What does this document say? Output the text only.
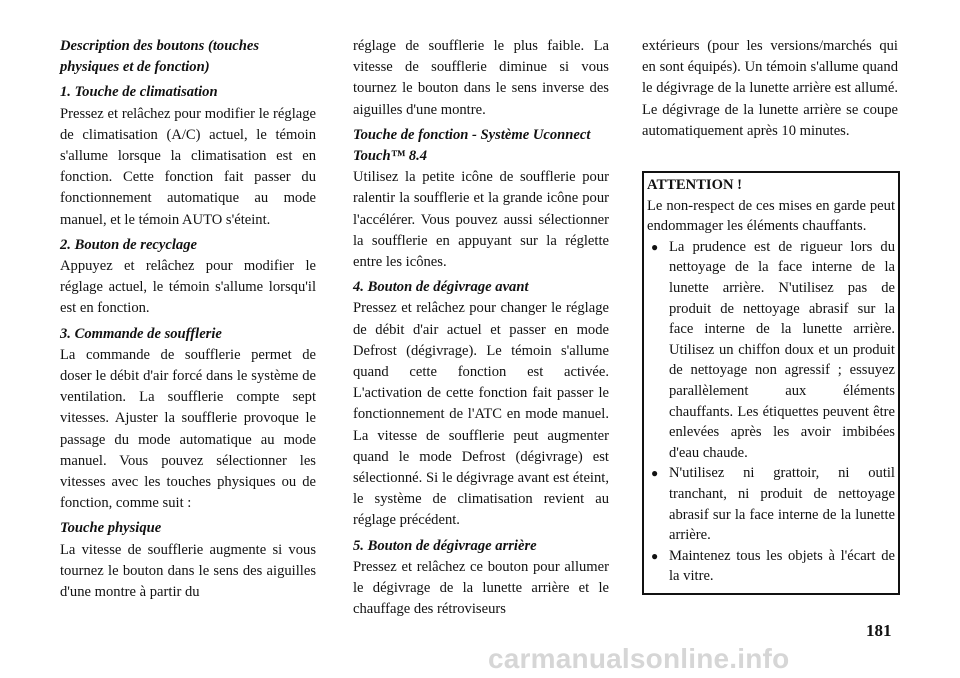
Description des boutons (touches physiques et de fonction)
1. Touche de climatisation

Pressez et relâchez pour modifier le réglage de climatisation (A/C) actuel, le témoin s'allume lorsque la climatisation est en fonction. Cette fonction fait passer du fonctionnement automatique au mode manuel, et le témoin AUTO s'éteint.

2. Bouton de recyclage

Appuyez et relâchez pour modifier le réglage actuel, le témoin s'allume lorsqu'il est en fonction.

3. Commande de soufflerie

La commande de soufflerie permet de doser le débit d'air forcé dans le système de ventilation. La soufflerie compte sept vitesses. Ajuster la soufflerie provoque le passage du mode automatique au mode manuel. Vous pouvez sélectionner les vitesses avec les touches physiques ou de fonction, comme suit :

Touche physique

La vitesse de soufflerie augmente si vous tournez le bouton dans le sens des aiguilles d'une montre à partir du

réglage de soufflerie le plus faible. La vitesse de soufflerie diminue si vous tournez le bouton dans le sens inverse des aiguilles d'une montre.

Touche de fonction - Système Uconnect Touch™ 8.4

Utilisez la petite icône de soufflerie pour ralentir la soufflerie et la grande icône pour l'accélérer. Vous pouvez aussi sélectionner la soufflerie en appuyant sur la réglette entre les icônes.

4. Bouton de dégivrage avant

Pressez et relâchez pour changer le réglage de débit d'air actuel et passer en mode Defrost (dégivrage). Le témoin s'allume quand cette fonction est activée. L'activation de cette fonction fait passer le fonctionnement de l'ATC en mode manuel. La vitesse de soufflerie peut augmenter quand le mode Defrost (dégivrage) est sélectionné. Si le dégivrage avant est éteint, le système de climatisation revient au réglage précédent.

5. Bouton de dégivrage arrière

Pressez et relâchez ce bouton pour allumer le dégivrage de la lunette arrière et le chauffage des rétroviseurs

extérieurs (pour les versions/marchés qui en sont équipés). Un témoin s'allume quand le dégivrage de la lunette arrière est allumé. Le dégivrage de la lunette arrière se coupe automatiquement après 10 minutes.

ATTENTION !

Le non-respect de ces mises en garde peut endommager les éléments chauffants.

● La prudence est de rigueur lors du nettoyage de la face interne de la lunette arrière. N'utilisez pas de produit de nettoyage abrasif sur la face interne de la lunette arrière. Utilisez un chiffon doux et un produit de nettoyage non agressif ; essuyez parallèlement aux éléments chauffants. Les étiquettes peuvent être enlevées après les avoir imbibées d'eau chaude.
● N'utilisez ni grattoir, ni outil tranchant, ni produit de nettoyage abrasif sur la face interne de la lunette arrière.
● Maintenez tous les objets à l'écart de la vitre.
181
carmanualsonline.info
